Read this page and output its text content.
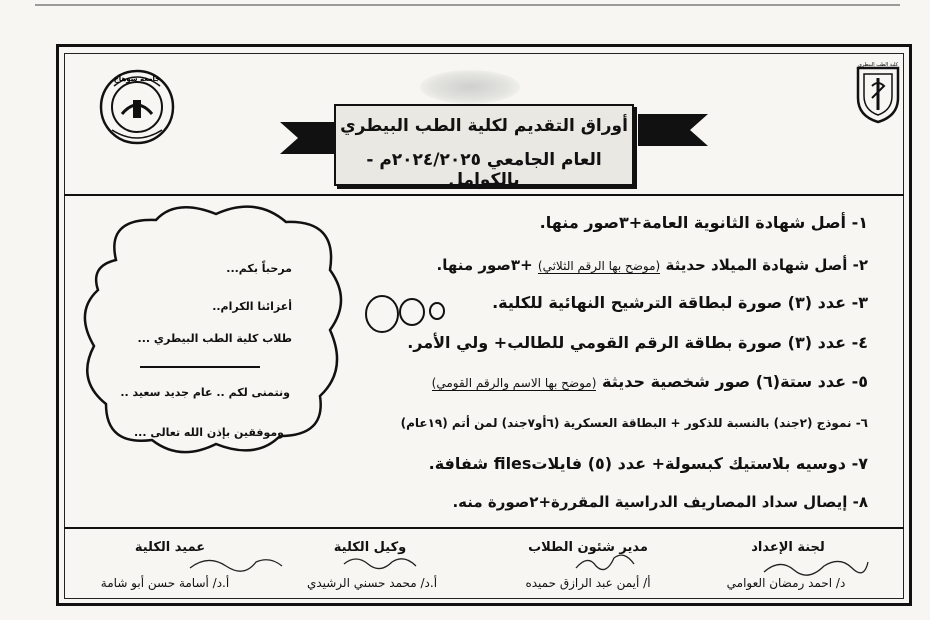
جامعة سوهاج
كلية الطب البيطري
أوراق التقديم لكلية الطب البيطري
العام الجامعي ٢٠٢٤/٢٠٢٥م - بالكوامل
١- أصل شهادة الثانوية العامة+٣صور منها.
٢- أصل شهادة الميلاد حديثة (موضح بها الرقم الثلاثي) +٣صور منها.
٣- عدد (٣) صورة لبطاقة الترشيح النهائية للكلية.
٤- عدد (٣) صورة بطاقة الرقم القومي للطالب+ ولي الأمر.
٥- عدد ستة(٦) صور شخصية حديثة (موضح بها الاسم والرقم القومي)
٦- نموذج (٢جند) بالنسبة للذكور + البطاقة العسكرية (٦أو٧جند) لمن أتم (١٩عام)
٧- دوسيه بلاستيك كبسولة+ عدد (٥) فايلاتfiles شفافة.
٨- إيصال سداد المصاريف الدراسية المقررة+٢صورة منه.
مرحباً بكم...
أعزائنا الكرام..
طلاب كلية الطب البيطري ...
ونتمنى لكم .. عام جديد سعيد ..
وموفقين بإذن الله تعالى ...
لجنة الإعداد
د/ احمد رمضان العوامي
مدير شئون الطلاب
أ/ أيمن عبد الرازق حميده
وكيل الكلية
أ.د/ محمد حسني الرشيدي
عميد الكلية
أ.د/ أسامة حسن أبو شامة
